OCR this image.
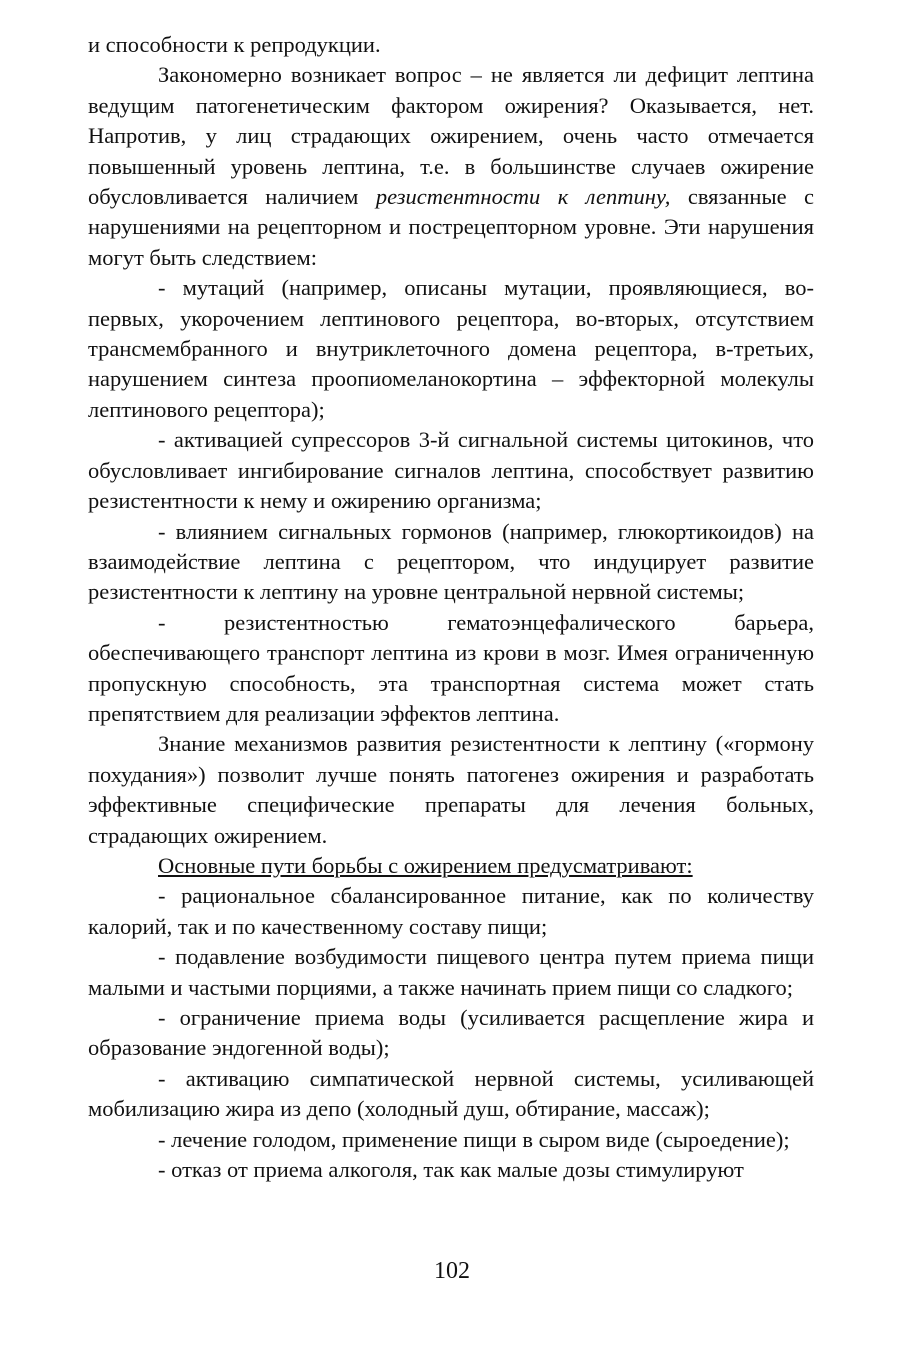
и способности к репродукции.

Закономерно возникает вопрос – не является ли дефицит лептина ведущим патогенетическим фактором ожирения? Оказывается, нет. Напротив, у лиц страдающих ожирением, очень часто отмечается повышенный уровень лептина, т.е. в большинстве случаев ожирение обусловливается наличием резистентности к лептину, связанные с нарушениями на рецепторном и пострецепторном уровне. Эти нарушения могут быть следствием:

- мутаций (например, описаны мутации, проявляющиеся, во-первых, укорочением лептинового рецептора, во-вторых, отсутствием трансмембранного и внутриклеточного домена рецептора, в-третьих, нарушением синтеза проопиомеланокортина – эффекторной молекулы лептинового рецептора);

- активацией супрессоров 3-й сигнальной системы цитокинов, что обусловливает ингибирование сигналов лептина, способствует развитию резистентности к нему и ожирению организма;

- влиянием сигнальных гормонов (например, глюкортикоидов) на взаимодействие лептина с рецептором, что индуцирует развитие резистентности к лептину на уровне центральной нервной системы;

- резистентностью гематоэнцефалического барьера, обеспечивающего транспорт лептина из крови в мозг. Имея ограниченную пропускную способность, эта транспортная система может стать препятствием для реализации эффектов лептина.

Знание механизмов развития резистентности к лептину («гормону похудания») позволит лучше понять патогенез ожирения и разработать эффективные специфические препараты для лечения больных, страдающих ожирением.

Основные пути борьбы с ожирением предусматривают:

- рациональное сбалансированное питание, как по количеству калорий, так и по качественному составу пищи;

- подавление возбудимости пищевого центра путем приема пищи малыми и частыми порциями, а также начинать прием пищи со сладкого;

- ограничение приема воды (усиливается расщепление жира и образование эндогенной воды);

- активацию симпатической нервной системы, усиливающей мобилизацию жира из депо (холодный душ, обтирание, массаж);

- лечение голодом, применение пищи в сыром виде (сыроедение);

- отказ от приема алкоголя, так как малые дозы стимулируют

102
